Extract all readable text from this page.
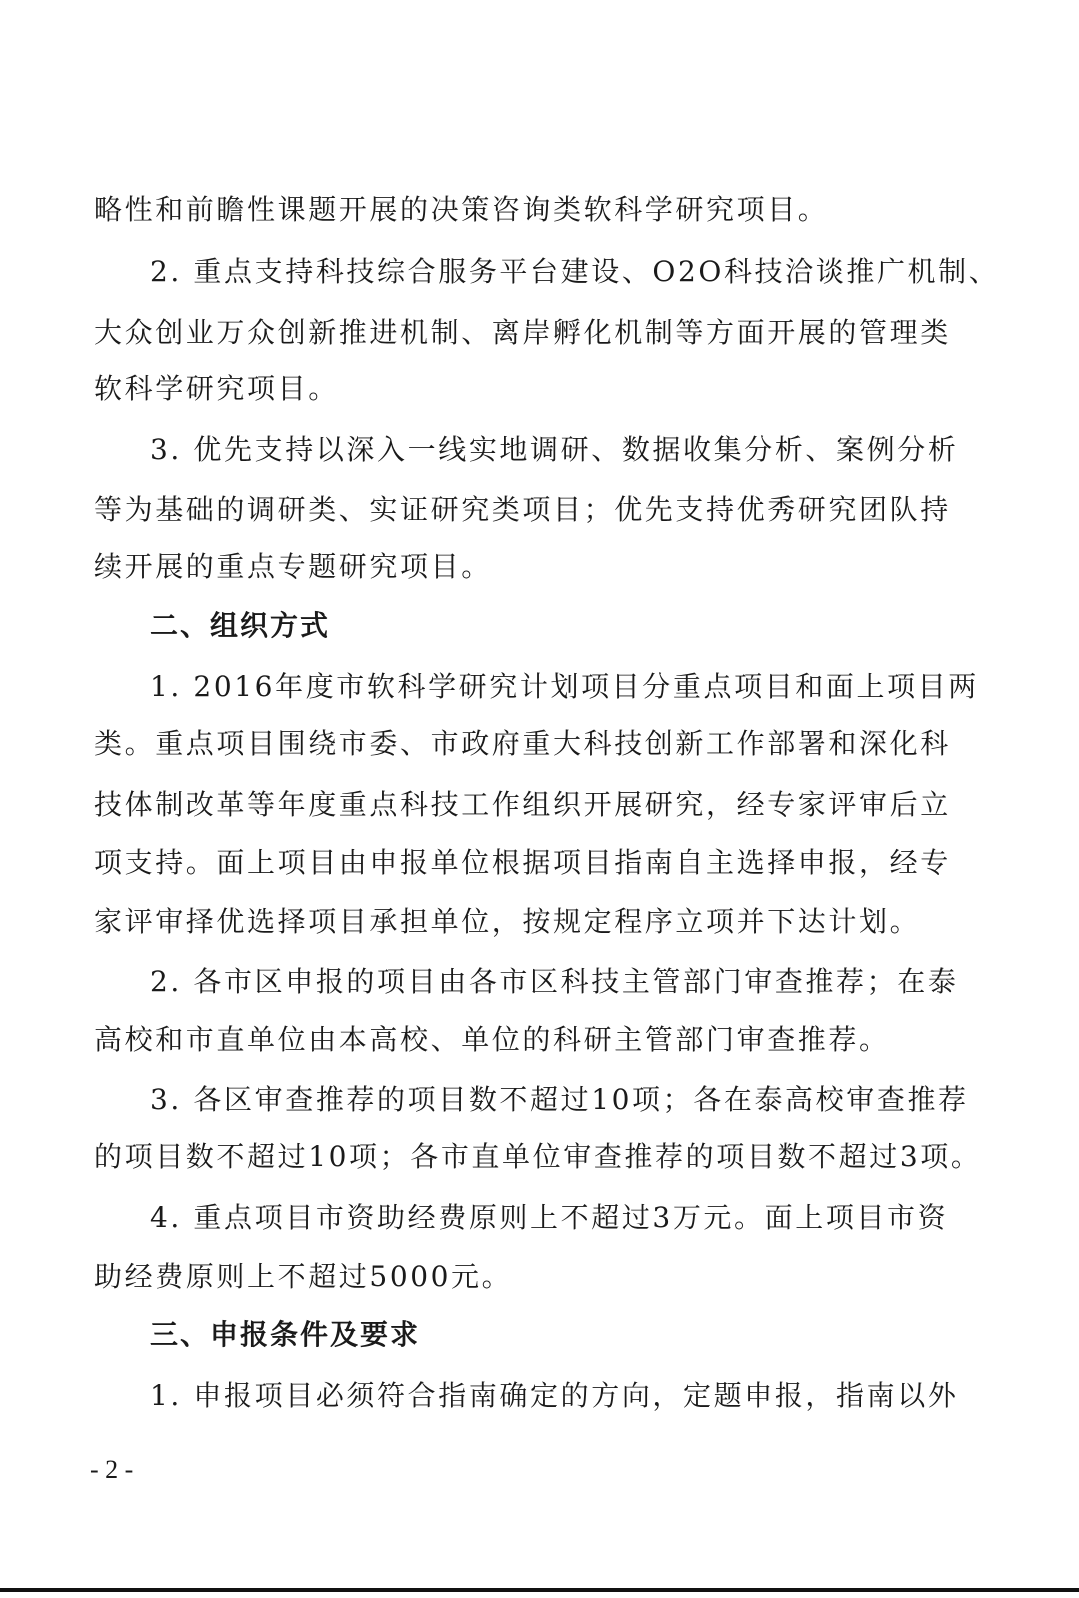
略性和前瞻性课题开展的决策咨询类软科学研究项目。
2. 重点支持科技综合服务平台建设、O2O科技洽谈推广机制、
大众创业万众创新推进机制、离岸孵化机制等方面开展的管理类
软科学研究项目。
3. 优先支持以深入一线实地调研、数据收集分析、案例分析
等为基础的调研类、实证研究类项目；优先支持优秀研究团队持
续开展的重点专题研究项目。
二、组织方式
1. 2016年度市软科学研究计划项目分重点项目和面上项目两
类。重点项目围绕市委、市政府重大科技创新工作部署和深化科
技体制改革等年度重点科技工作组织开展研究，经专家评审后立
项支持。面上项目由申报单位根据项目指南自主选择申报，经专
家评审择优选择项目承担单位，按规定程序立项并下达计划。
2. 各市区申报的项目由各市区科技主管部门审查推荐；在泰
高校和市直单位由本高校、单位的科研主管部门审查推荐。
3. 各区审查推荐的项目数不超过10项；各在泰高校审查推荐
的项目数不超过10项；各市直单位审查推荐的项目数不超过3项。
4. 重点项目市资助经费原则上不超过3万元。面上项目市资
助经费原则上不超过5000元。
三、申报条件及要求
1. 申报项目必须符合指南确定的方向，定题申报，指南以外
- 2 -
